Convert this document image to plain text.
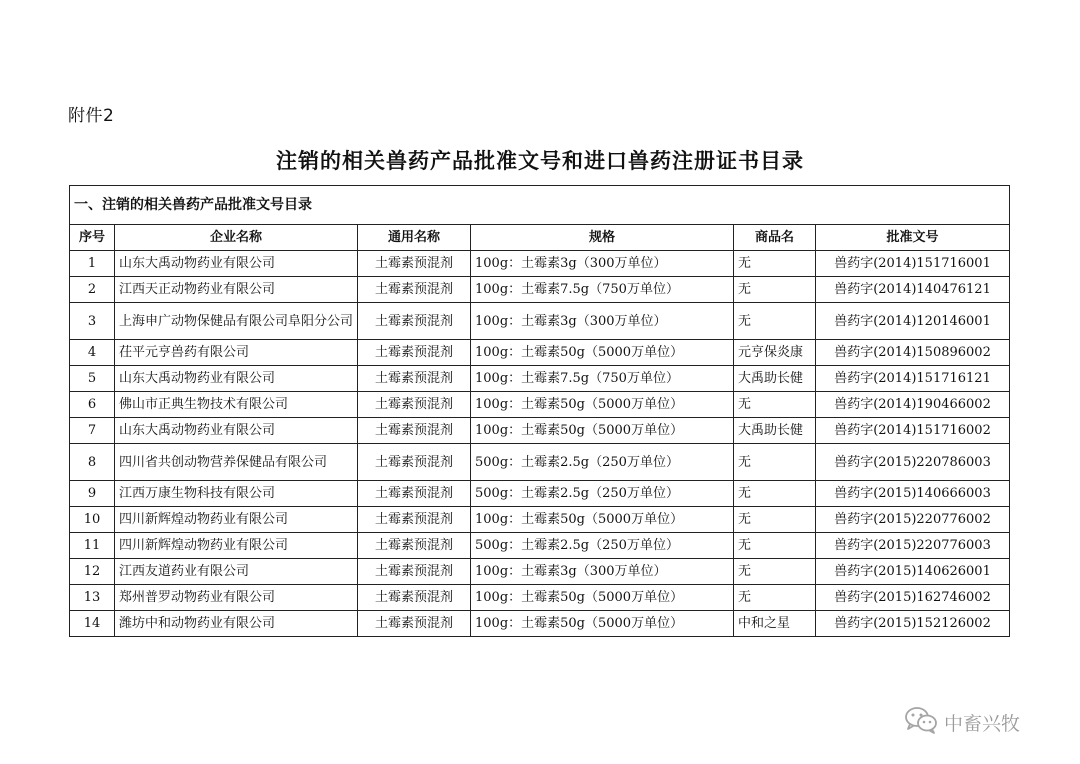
附件2
注销的相关兽药产品批准文号和进口兽药注册证书目录
一、注销的相关兽药产品批准文号目录					
序号	企业名称	通用名称	规格	商品名	批准文号
1	山东大禹动物药业有限公司	土霉素预混剂	100g：土霉素3g（300万单位）	无	兽药字(2014)151716001
2	江西天正动物药业有限公司	土霉素预混剂	100g：土霉素7.5g（750万单位）	无	兽药字(2014)140476121
3	上海申广动物保健品有限公司阜阳分公司	土霉素预混剂	100g：土霉素3g（300万单位）	无	兽药字(2014)120146001
4	茌平元亨兽药有限公司	土霉素预混剂	100g：土霉素50g（5000万单位）	元亨保炎康	兽药字(2014)150896002
5	山东大禹动物药业有限公司	土霉素预混剂	100g：土霉素7.5g（750万单位）	大禹助长健	兽药字(2014)151716121
6	佛山市正典生物技术有限公司	土霉素预混剂	100g：土霉素50g（5000万单位）	无	兽药字(2014)190466002
7	山东大禹动物药业有限公司	土霉素预混剂	100g：土霉素50g（5000万单位）	大禹助长健	兽药字(2014)151716002
8	四川省共创动物营养保健品有限公司	土霉素预混剂	500g：土霉素2.5g（250万单位）	无	兽药字(2015)220786003
9	江西万康生物科技有限公司	土霉素预混剂	500g：土霉素2.5g（250万单位）	无	兽药字(2015)140666003
10	四川新辉煌动物药业有限公司	土霉素预混剂	100g：土霉素50g（5000万单位）	无	兽药字(2015)220776002
11	四川新辉煌动物药业有限公司	土霉素预混剂	500g：土霉素2.5g（250万单位）	无	兽药字(2015)220776003
12	江西友道药业有限公司	土霉素预混剂	100g：土霉素3g（300万单位）	无	兽药字(2015)140626001
13	郑州普罗动物药业有限公司	土霉素预混剂	100g：土霉素50g（5000万单位）	无	兽药字(2015)162746002
14	潍坊中和动物药业有限公司	土霉素预混剂	100g：土霉素50g（5000万单位）	中和之星	兽药字(2015)152126002
中畜兴牧
